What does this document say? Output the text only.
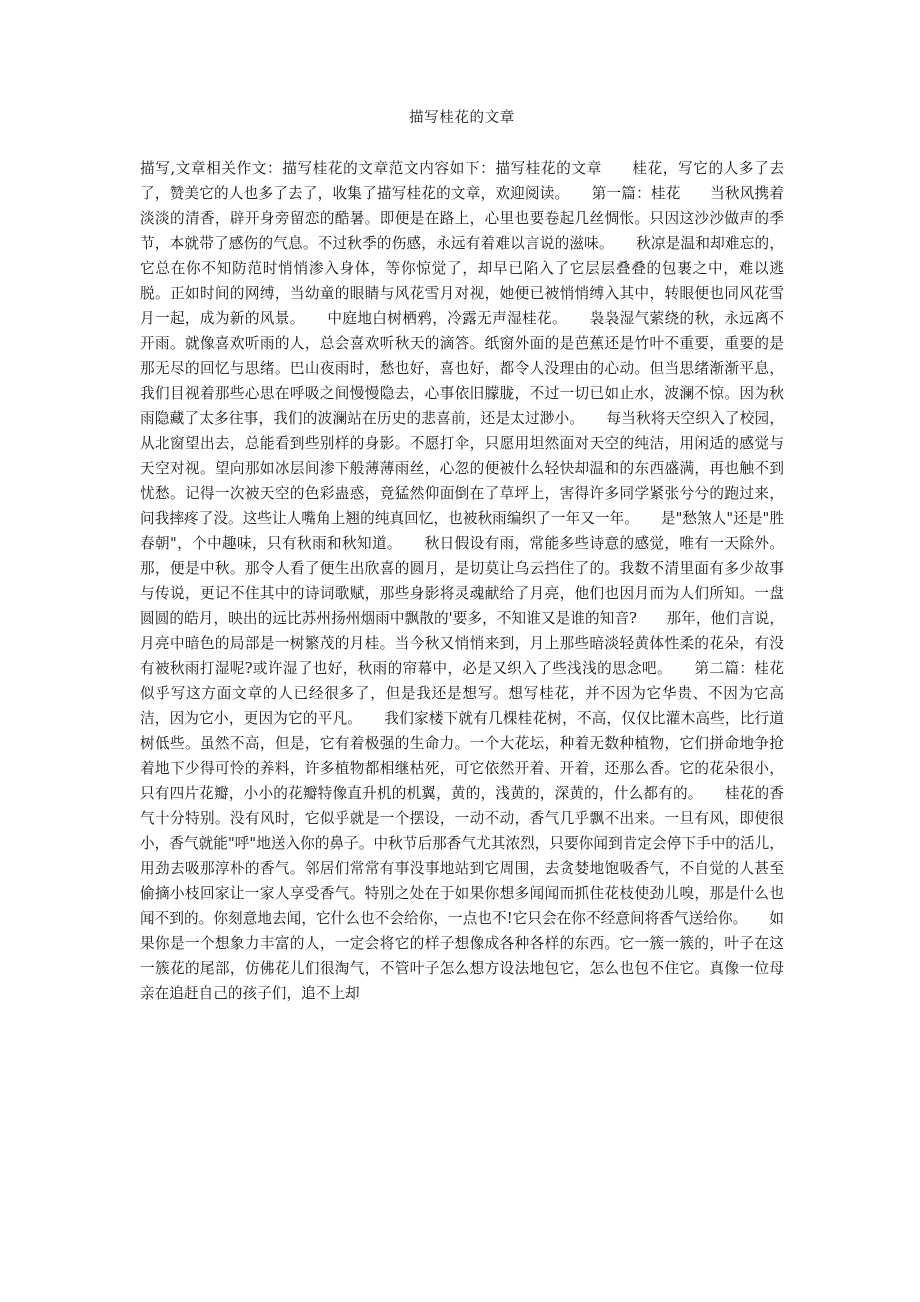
描写桂花的文章
描写,文章相关作文：描写桂花的文章范文内容如下：描写桂花的文章　　桂花，写它的人多了去了，赞美它的人也多了去了，收集了描写桂花的文章，欢迎阅读。　　第一篇：桂花　　当秋风携着淡淡的清香，辟开身旁留恋的酷暑。即便是在路上，心里也要卷起几丝惆怅。只因这沙沙做声的季节，本就带了感伤的气息。不过秋季的伤感，永远有着难以言说的滋味。　　秋凉是温和却难忘的，它总在你不知防范时悄悄渗入身体，等你惊觉了，却早已陷入了它层层叠叠的包裹之中，难以逃脱。正如时间的网缚，当幼童的眼睛与风花雪月对视，她便已被悄悄缚入其中，转眼便也同风花雪月一起，成为新的风景。　　中庭地白树栖鸦，冷露无声湿桂花。　　袅袅湿气萦绕的秋，永远离不开雨。就像喜欢听雨的人，总会喜欢听秋天的滴答。纸窗外面的是芭蕉还是竹叶不重要，重要的是那无尽的回忆与思绪。巴山夜雨时，愁也好，喜也好，都令人没理由的心动。但当思绪渐渐平息，我们目视着那些心思在呼吸之间慢慢隐去，心事依旧朦胧，不过一切已如止水，波澜不惊。因为秋雨隐藏了太多往事，我们的波澜站在历史的悲喜前，还是太过渺小。　　每当秋将天空织入了校园，从北窗望出去，总能看到些别样的身影。不愿打伞，只愿用坦然面对天空的纯洁，用闲适的感觉与天空对视。望向那如冰层间渗下般薄薄雨丝，心忽的便被什么轻快却温和的东西盛满，再也触不到忧愁。记得一次被天空的色彩蛊惑，竟猛然仰面倒在了草坪上，害得许多同学紧张兮兮的跑过来，问我摔疼了没。这些让人嘴角上翘的纯真回忆，也被秋雨编织了一年又一年。　　是"愁煞人"还是"胜春朝"，个中趣味，只有秋雨和秋知道。　　秋日假设有雨，常能多些诗意的感觉，唯有一天除外。那，便是中秋。那令人看了便生出欣喜的圆月，是切莫让乌云挡住了的。我数不清里面有多少故事与传说，更记不住其中的诗词歌赋，那些身影将灵魂献给了月亮，他们也因月而为人们所知。一盘圆圆的皓月，映出的远比苏州扬州烟雨中飘散的'要多，不知谁又是谁的知音?　　那年，他们言说，月亮中暗色的局部是一树繁茂的月桂。当今秋又悄悄来到，月上那些暗淡轻黄体性柔的花朵，有没有被秋雨打湿呢?或许湿了也好，秋雨的帘幕中，必是又织入了些浅浅的思念吧。　　第二篇：桂花　　似乎写这方面文章的人已经很多了，但是我还是想写。想写桂花，并不因为它华贵、不因为它高洁，因为它小，更因为它的平凡。　　我们家楼下就有几棵桂花树，不高，仅仅比灌木高些，比行道树低些。虽然不高，但是，它有着极强的生命力。一个大花坛，种着无数种植物，它们拼命地争抢着地下少得可怜的养料，许多植物都相继枯死，可它依然开着、开着，还那么香。它的花朵很小，只有四片花瓣，小小的花瓣特像直升机的机翼，黄的，浅黄的，深黄的，什么都有的。　　桂花的香气十分特别。没有风时，它似乎就是一个摆设，一动不动，香气几乎飘不出来。一旦有风，即使很小，香气就能"呼"地送入你的鼻子。中秋节后那香气尤其浓烈，只要你闻到肯定会停下手中的活儿，用劲去吸那淳朴的香气。邻居们常常有事没事地站到它周围，去贪婪地饱吸香气，不自觉的人甚至偷摘小枝回家让一家人享受香气。特别之处在于如果你想多闻闻而抓住花枝使劲儿嗅，那是什么也闻不到的。你刻意地去闻，它什么也不会给你，一点也不!它只会在你不经意间将香气送给你。　　如果你是一个想象力丰富的人，一定会将它的样子想像成各种各样的东西。它一簇一簇的，叶子在这一簇花的尾部，仿佛花儿们很淘气，不管叶子怎么想方设法地包它，怎么也包不住它。真像一位母亲在追赶自己的孩子们，追不上却
